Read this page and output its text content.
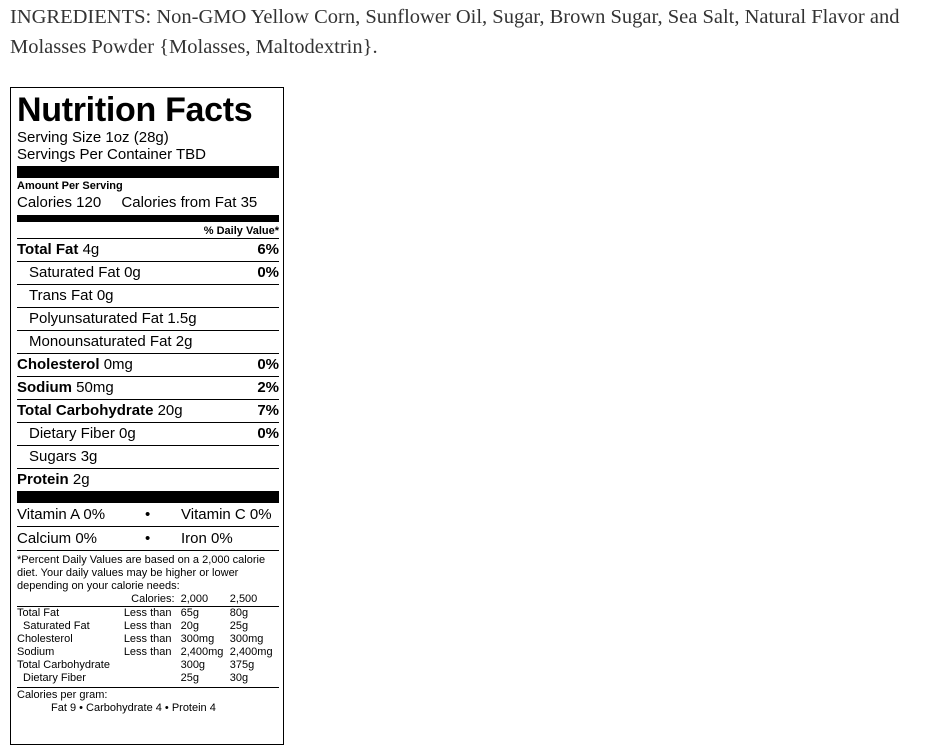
INGREDIENTS: Non-GMO Yellow Corn, Sunflower Oil, Sugar, Brown Sugar, Sea Salt, Natural Flavor and Molasses Powder {Molasses, Maltodextrin}.
Nutrition Facts
Serving Size 1oz (28g)
Servings Per Container TBD
Amount Per Serving
Calories 120 Calories from Fat 35
% Daily Value*
Total Fat 4g	6%
Saturated Fat 0g	0%
Trans Fat 0g
Polyunsaturated Fat 1.5g
Monounsaturated Fat 2g
Cholesterol 0mg	0%
Sodium 50mg	2%
Total Carbohydrate 20g	7%
Dietary Fiber 0g	0%
Sugars 3g
Protein 2g
Vitamin A 0%	•	Vitamin C 0%
Calcium 0%	•	Iron 0%
*Percent Daily Values are based on a 2,000 calorie diet. Your daily values may be higher or lower depending on your calorie needs:
	Calories:	2,000	2,500
Total Fat	Less than	65g	80g
Saturated Fat	Less than	20g	25g
Cholesterol	Less than	300mg	300mg
Sodium	Less than	2,400mg	2,400mg
Total Carbohydrate		300g	375g
Dietary Fiber		25g	30g
Calories per gram:
Fat 9 • Carbohydrate 4 • Protein 4
